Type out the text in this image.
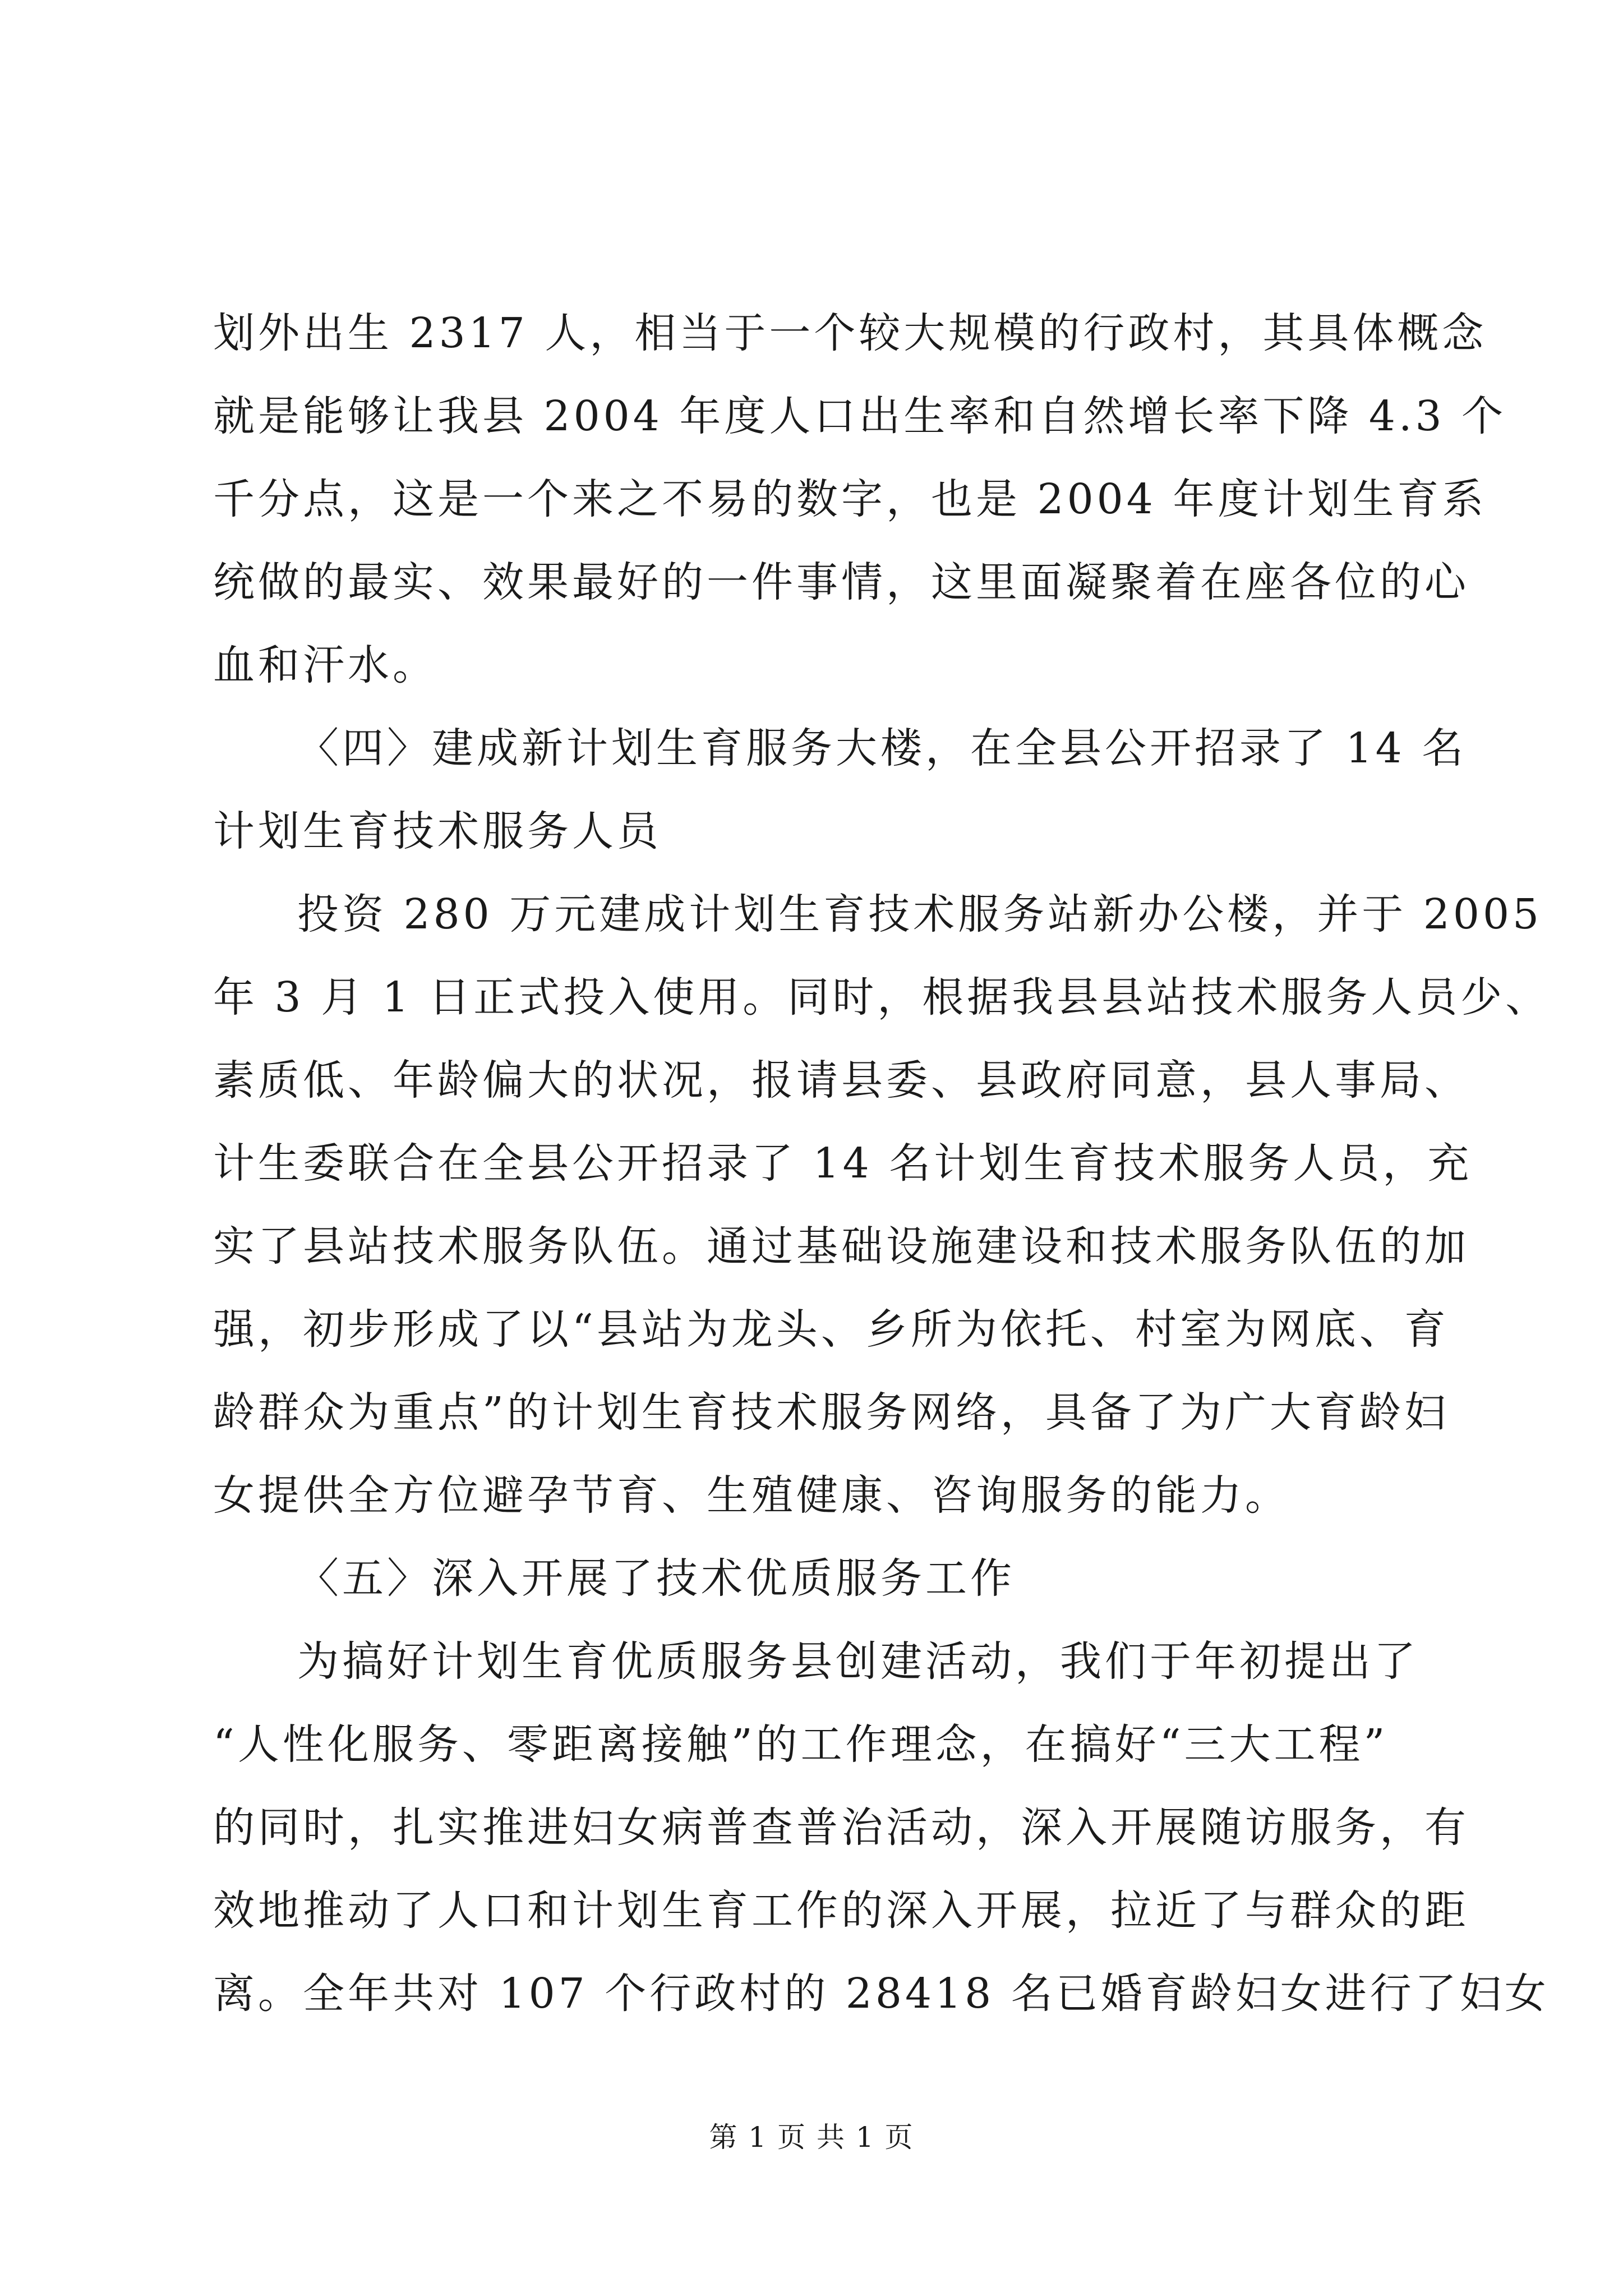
划外出生 2317 人，相当于一个较大规模的行政村，其具体概念
就是能够让我县 2004 年度人口出生率和自然增长率下降 4.3 个
千分点，这是一个来之不易的数字，也是 2004 年度计划生育系
统做的最实、效果最好的一件事情，这里面凝聚着在座各位的心
血和汗水。
〈四〉建成新计划生育服务大楼，在全县公开招录了 14 名
计划生育技术服务人员
投资 280 万元建成计划生育技术服务站新办公楼，并于 2005
年 3 月 1 日正式投入使用。同时，根据我县县站技术服务人员少、
素质低、年龄偏大的状况，报请县委、县政府同意，县人事局、
计生委联合在全县公开招录了 14 名计划生育技术服务人员，充
实了县站技术服务队伍。通过基础设施建设和技术服务队伍的加
强，初步形成了以“县站为龙头、乡所为依托、村室为网底、育
龄群众为重点”的计划生育技术服务网络，具备了为广大育龄妇
女提供全方位避孕节育、生殖健康、咨询服务的能力。
〈五〉深入开展了技术优质服务工作
为搞好计划生育优质服务县创建活动，我们于年初提出了
“人性化服务、零距离接触”的工作理念，在搞好“三大工程”
的同时，扎实推进妇女病普查普治活动，深入开展随访服务，有
效地推动了人口和计划生育工作的深入开展，拉近了与群众的距
离。全年共对 107 个行政村的 28418 名已婚育龄妇女进行了妇女
第 1 页 共 1 页
